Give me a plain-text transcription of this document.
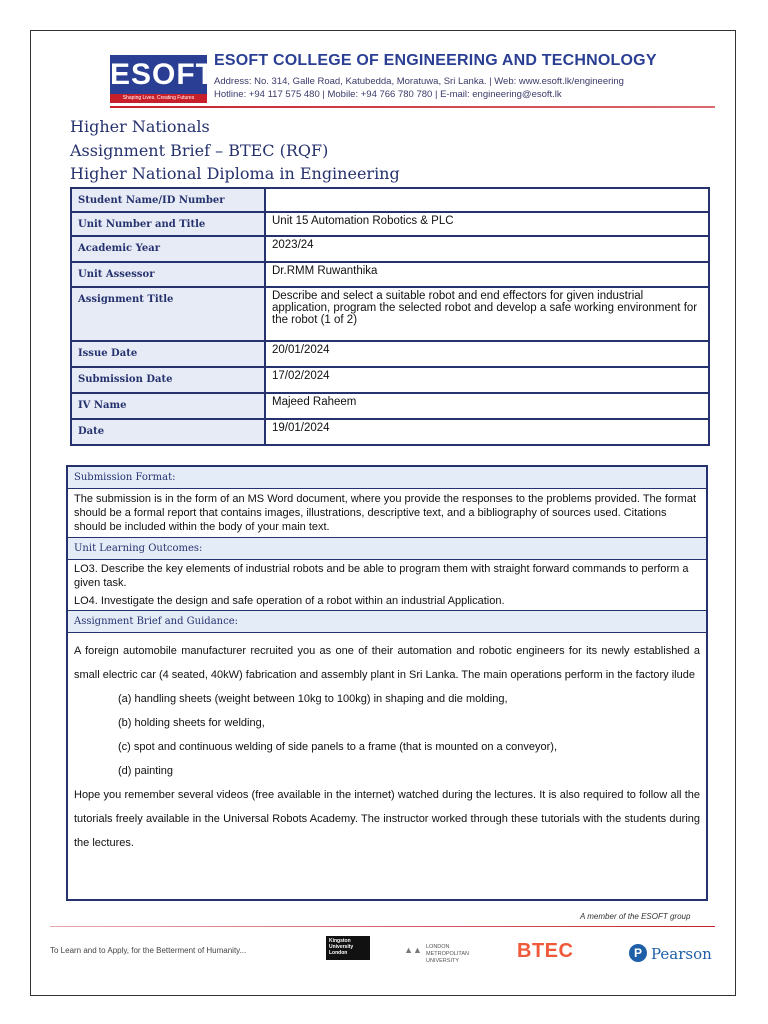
ESOFT
Shaping Lives. Creating Futures
ESOFT COLLEGE OF ENGINEERING AND TECHNOLOGY
Address: No. 314, Galle Road, Katubedda, Moratuwa, Sri Lanka. | Web: www.esoft.lk/engineering
Hotline: +94 117 575 480 | Mobile: +94 766 780 780 | E-mail: engineering@esoft.lk
Higher Nationals
Assignment Brief – BTEC (RQF)
Higher National Diploma in Engineering
Student Name/ID Number	
Unit Number and Title	Unit 15 Automation Robotics & PLC
Academic Year	2023/24
Unit Assessor	Dr.RMM Ruwanthika
Assignment Title	Describe and select a suitable robot and end effectors for given industrial application, program the selected robot and develop a safe working environment for the robot (1 of 2)
Issue Date	20/01/2024
Submission Date	17/02/2024
IV Name	Majeed Raheem
Date	19/01/2024
Submission Format:
The submission is in the form of an MS Word document, where you provide the responses to the problems provided. The format should be a formal report that contains images, illustrations, descriptive text, and a bibliography of sources used. Citations should be included within the body of your main text.
Unit Learning Outcomes:
LO3. Describe the key elements of industrial robots and be able to program them with straight forward commands to perform a given task.
LO4. Investigate the design and safe operation of a robot within an industrial Application.
Assignment Brief and Guidance:
A foreign automobile manufacturer recruited you as one of their automation and robotic engineers for its newly established a small electric car (4 seated, 40kW) fabrication and assembly plant in Sri Lanka. The main operations perform in the factory ilude
(a) handling sheets (weight between 10kg to 100kg) in shaping and die molding,
(b) holding sheets for welding,
(c) spot and continuous welding of side panels to a frame (that is mounted on a conveyor),
(d) painting
Hope you remember several videos (free available in the internet) watched during the lectures. It is also required to follow all the tutorials freely available in the Universal Robots Academy. The instructor worked through these tutorials with the students during the lectures.
A member of the ESOFT group
To Learn and to Apply, for the Betterment of Humanity...
Kingston University London	▲▲ LONDON METROPOLITAN UNIVERSITY	BTEC	P Pearson
